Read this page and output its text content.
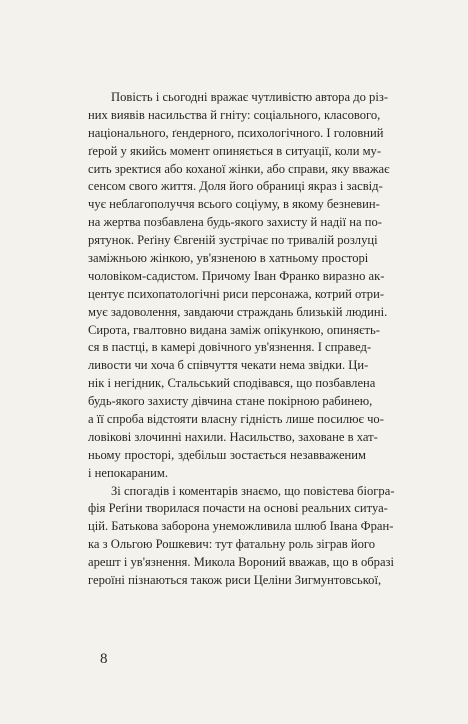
Повість і сьогодні вражає чутливістю автора до різ-
них виявів насильства й гніту: соціального, класового,
національного, ґендерного, психологічного. І головний
ґерой у якийсь момент опиняється в ситуації, коли му-
сить зректися або коханої жінки, або справи, яку вважає
сенсом свого життя. Доля його обраниці якраз і засвід-
чує неблагополуччя всього соціуму, в якому безневин-
на жертва позбавлена будь-якого захисту й надії на по-
рятунок. Реґіну Євгеній зустрічає по тривалій розлуці
заміжньою жінкою, ув'язненою в хатньому просторі
чоловіком-садистом. Причому Іван Франко виразно ак-
центує психопатологічні риси персонажа, котрий отри-
мує задоволення, завдаючи страждань близькій людині.
Сирота, гвалтовно видана заміж опікункою, опиняєть-
ся в пастці, в камері довічного ув'язнення. І справед-
ливости чи хоча б співчуття чекати нема звідки. Ци-
нік і негідник, Стальський сподівався, що позбавлена
будь-якого захисту дівчина стане покірною рабинею,
а її спроба відстояти власну гідність лише посилює чо-
ловікові злочинні нахили. Насильство, заховане в хат-
ньому просторі, здебільш зостається незавваженим
і непокараним.
Зі спогадів і коментарів знаємо, що повістева біогра-
фія Реґіни творилася почасти на основі реальних ситуа-
цій. Батькова заборона унеможливила шлюб Івана Фран-
ка з Ольгою Рошкевич: тут фатальну роль зіграв його
арешт і ув'язнення. Микола Вороний вважав, що в образі
героїні пізнаються також риси Целіни Зигмунтовської,
8
